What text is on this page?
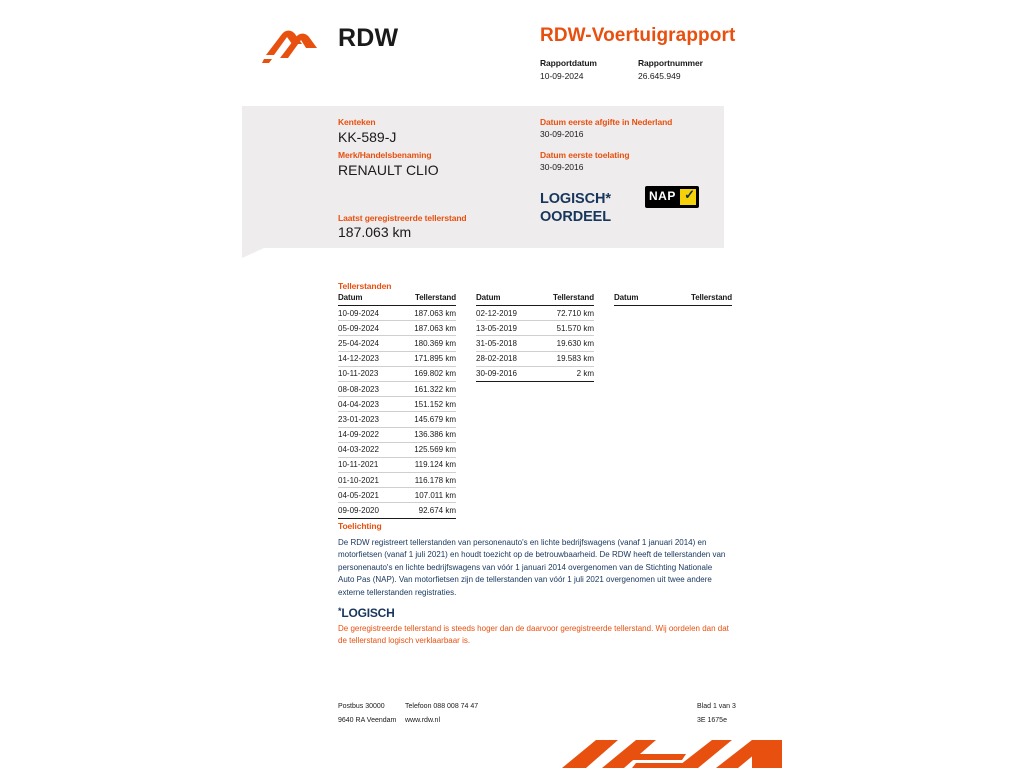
RDW	RDW-Voertuigrapport
Rapportdatum
10-09-2024
Rapportnummer
26.645.949
Kenteken
KK-589-J
Merk/Handelsbenaming
RENAULT CLIO
Laatst geregistreerde tellerstand
187.063 km
Datum eerste afgifte in Nederland
30-09-2016
Datum eerste toelating
30-09-2016
LOGISCH*
OORDEEL
NAP ✓
Tellerstanden
Datum	Tellerstand
10-09-2024	187.063 km
05-09-2024	187.063 km
25-04-2024	180.369 km
14-12-2023	171.895 km
10-11-2023	169.802 km
08-08-2023	161.322 km
04-04-2023	151.152 km
23-01-2023	145.679 km
14-09-2022	136.386 km
04-03-2022	125.569 km
10-11-2021	119.124 km
01-10-2021	116.178 km
04-05-2021	107.011 km
09-09-2020	92.674 km
Datum	Tellerstand
02-12-2019	72.710 km
13-05-2019	51.570 km
31-05-2018	19.630 km
28-02-2018	19.583 km
30-09-2016	2 km
Datum	Tellerstand
Toelichting
De RDW registreert tellerstanden van personenauto's en lichte bedrijfswagens (vanaf 1 januari 2014) en motorfietsen (vanaf 1 juli 2021) en houdt toezicht op de betrouwbaarheid. De RDW heeft de tellerstanden van personenauto's en lichte bedrijfswagens van vóór 1 januari 2014 overgenomen van de Stichting Nationale Auto Pas (NAP). Van motorfietsen zijn de tellerstanden van vóór 1 juli 2021 overgenomen uit twee andere externe tellerstanden registraties.
*LOGISCH
De geregistreerde tellerstand is steeds hoger dan de daarvoor geregistreerde tellerstand. Wij oordelen dan dat de tellerstand logisch verklaarbaar is.
Postbus 30000
9640 RA Veendam
Telefoon 088 008 74 47
www.rdw.nl
Blad 1 van 3
3E 1675e
